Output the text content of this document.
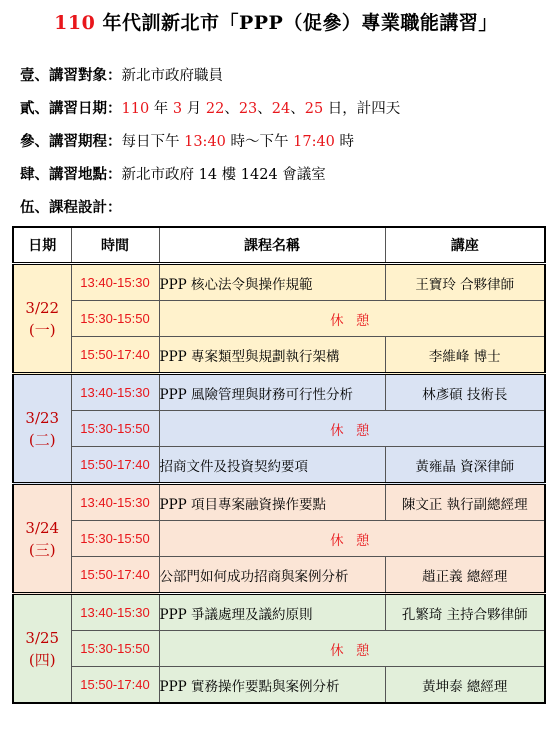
110 年代訓新北市「PPP（促參）專業職能講習」
壹、講習對象：新北市政府職員
貳、講習日期：110 年 3 月 22、23、24、25 日，計四天
參、講習期程：每日下午 13:40 時～下午 17:40 時
肆、講習地點：新北市政府 14 樓 1424 會議室
伍、課程設計：
日期	時間	課程名稱	講座

3/22
(一)	13:40-15:30	PPP 核心法令與操作規範	王寶玲 合夥律師
	15:30-15:50	休 憩	
	15:50-17:40	PPP 專案類型與規劃執行架構	李維峰 博士

3/23
(二)	13:40-15:30	PPP 風險管理與財務可行性分析	林彥碩 技術長
	15:30-15:50	休 憩	
	15:50-17:40	招商文件及投資契約要項	黃雍晶 資深律師

3/24
(三)	13:40-15:30	PPP 項目專案融資操作要點	陳文正 執行副總經理
	15:30-15:50	休 憩	
	15:50-17:40	公部門如何成功招商與案例分析	趙正義 總經理

3/25
(四)	13:40-15:30	PPP 爭議處理及議約原則	孔繁琦 主持合夥律師
	15:30-15:50	休 憩	
	15:50-17:40	PPP 實務操作要點與案例分析	黃坤泰 總經理
